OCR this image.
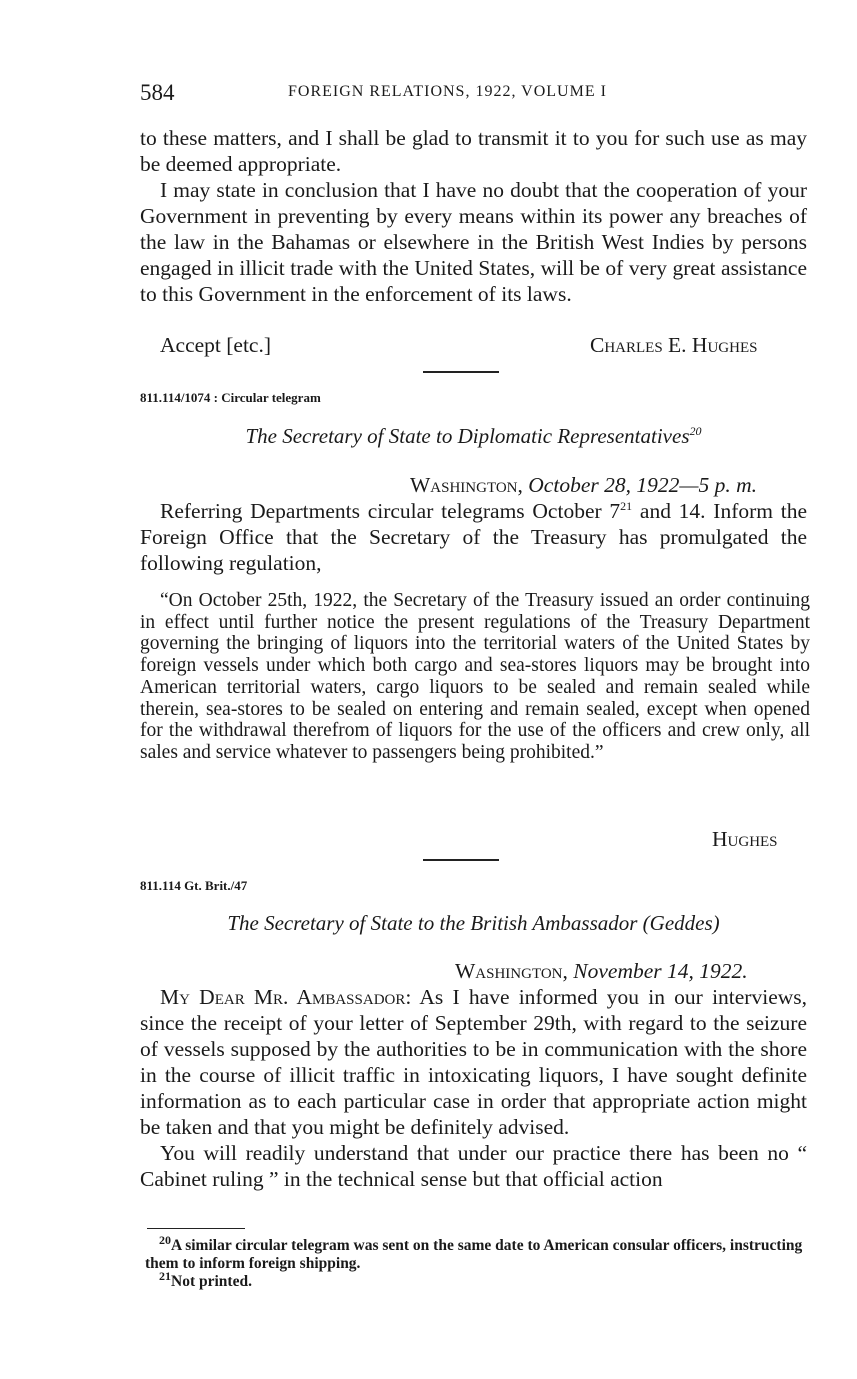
584	FOREIGN RELATIONS, 1922, VOLUME I
to these matters, and I shall be glad to transmit it to you for such use as may be deemed appropriate.
I may state in conclusion that I have no doubt that the cooperation of your Government in preventing by every means within its power any breaches of the law in the Bahamas or elsewhere in the British West Indies by persons engaged in illicit trade with the United States, will be of very great assistance to this Government in the enforcement of its laws.
Accept [etc.]	Charles E. Hughes
811.114/1074 : Circular telegram
The Secretary of State to Diplomatic Representatives$^{20}$
Washington, October 28, 1922—5 p. m.
Referring Departments circular telegrams October $7^{21}$ and 14. Inform the Foreign Office that the Secretary of the Treasury has promulgated the following regulation,
“On October 25th, 1922, the Secretary of the Treasury issued an order continuing in effect until further notice the present regulations of the Treasury Department governing the bringing of liquors into the territorial waters of the United States by foreign vessels under which both cargo and sea-stores liquors may be brought into American territorial waters, cargo liquors to be sealed and remain sealed while therein, sea-stores to be sealed on entering and remain sealed, except when opened for the withdrawal therefrom of liquors for the use of the officers and crew only, all sales and service whatever to passengers being prohibited.”
Hughes
811.114 Gt. Brit./47
The Secretary of State to the British Ambassador (Geddes)
Washington, November 14, 1922.
My Dear Mr. Ambassador: As I have informed you in our interviews, since the receipt of your letter of September 29th, with regard to the seizure of vessels supposed by the authorities to be in communication with the shore in the course of illicit traffic in intoxicating liquors, I have sought definite information as to each particular case in order that appropriate action might be taken and that you might be definitely advised.
You will readily understand that under our practice there has been no “ Cabinet ruling ” in the technical sense but that official action
$^{20}$A similar circular telegram was sent on the same date to American consular officers, instructing them to inform foreign shipping.
$^{21}$Not printed.
